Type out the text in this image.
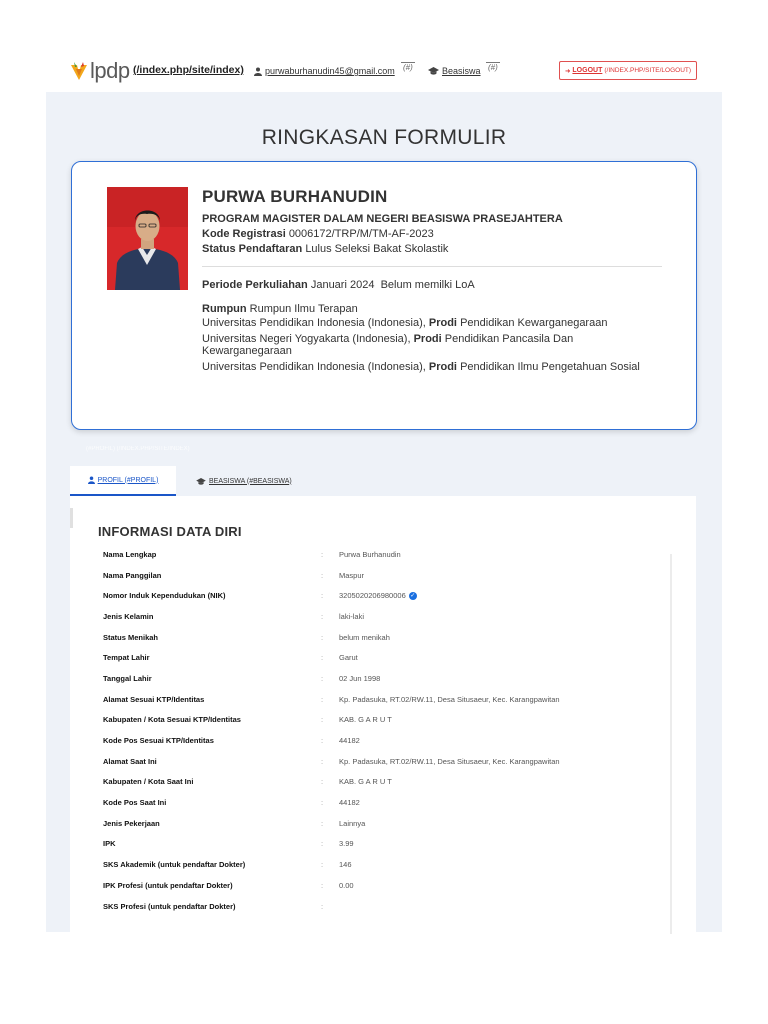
lpdp (/index.php/site/index) purwaburhanudin45@gmail.com (#)	Beasiswa (#)	➜ LOGOUT (/INDEX.PHP/SITE/LOGOUT)
RINGKASAN FORMULIR
PURWA BURHANUDIN
PROGRAM MAGISTER DALAM NEGERI BEASISWA PRASEJAHTERA
Kode Registrasi 0006172/TRP/M/TM-AF-2023
Status Pendaftaran Lulus Seleksi Bakat Skolastik
Periode Perkuliahan Januari 2024 Belum memilki LoA
Rumpun Rumpun Ilmu Terapan
Universitas Pendidikan Indonesia (Indonesia), Prodi Pendidikan Kewarganegaraan
Universitas Negeri Yogyakarta (Indonesia), Prodi Pendidikan Pancasila Dan Kewarganegaraan
Universitas Pendidikan Indonesia (Indonesia), Prodi Pendidikan Ilmu Pengetahuan Sosial
(#PROFIL) (/INDEX.PHP/SITE/INDEX)
PROFIL (#PROFIL)	BEASISWA (#BEASISWA)
INFORMASI DATA DIRI
Nama Lengkap	:	Purwa Burhanudin
Nama Panggilan	:	Maspur
Nomor Induk Kependudukan (NIK)	:	3205020206980006 ✓
Jenis Kelamin	:	laki-laki
Status Menikah	:	belum menikah
Tempat Lahir	:	Garut
Tanggal Lahir	:	02 Jun 1998
Alamat Sesuai KTP/Identitas	:	Kp. Padasuka, RT.02/RW.11, Desa Situsaeur, Kec. Karangpawitan
Kabupaten / Kota Sesuai KTP/Identitas	:	KAB. G A R U T
Kode Pos Sesuai KTP/Identitas	:	44182
Alamat Saat Ini	:	Kp. Padasuka, RT.02/RW.11, Desa Situsaeur, Kec. Karangpawitan
Kabupaten / Kota Saat Ini	:	KAB. G A R U T
Kode Pos Saat Ini	:	44182
Jenis Pekerjaan	:	Lainnya
IPK	:	3.99
SKS Akademik (untuk pendaftar Dokter)	:	146
IPK Profesi (untuk pendaftar Dokter)	:	0.00
SKS Profesi (untuk pendaftar Dokter)	:
